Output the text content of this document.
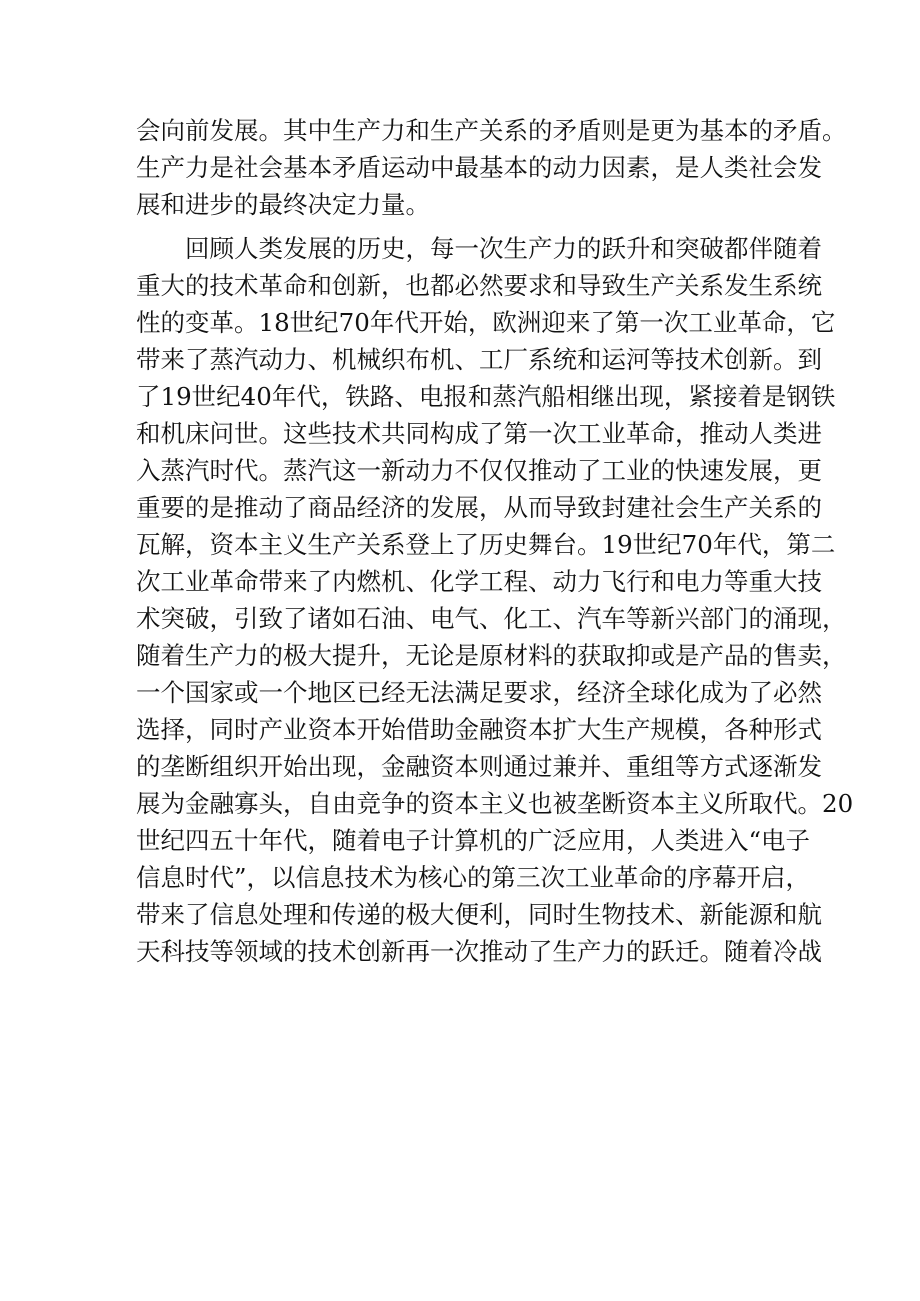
会向前发展。其中生产力和生产关系的矛盾则是更为基本的矛盾。
生产力是社会基本矛盾运动中最基本的动力因素，是人类社会发
展和进步的最终决定力量。
回顾人类发展的历史，每一次生产力的跃升和突破都伴随着
重大的技术革命和创新，也都必然要求和导致生产关系发生系统
性的变革。18世纪70年代开始，欧洲迎来了第一次工业革命，它
带来了蒸汽动力、机械织布机、工厂系统和运河等技术创新。到
了19世纪40年代，铁路、电报和蒸汽船相继出现，紧接着是钢铁
和机床问世。这些技术共同构成了第一次工业革命，推动人类进
入蒸汽时代。蒸汽这一新动力不仅仅推动了工业的快速发展，更
重要的是推动了商品经济的发展，从而导致封建社会生产关系的
瓦解，资本主义生产关系登上了历史舞台。19世纪70年代，第二
次工业革命带来了内燃机、化学工程、动力飞行和电力等重大技
术突破，引致了诸如石油、电气、化工、汽车等新兴部门的涌现，
随着生产力的极大提升，无论是原材料的获取抑或是产品的售卖，
一个国家或一个地区已经无法满足要求，经济全球化成为了必然
选择，同时产业资本开始借助金融资本扩大生产规模，各种形式
的垄断组织开始出现，金融资本则通过兼并、重组等方式逐渐发
展为金融寡头，自由竞争的资本主义也被垄断资本主义所取代。20
世纪四五十年代，随着电子计算机的广泛应用，人类进入“电子
信息时代”，以信息技术为核心的第三次工业革命的序幕开启，
带来了信息处理和传递的极大便利，同时生物技术、新能源和航
天科技等领域的技术创新再一次推动了生产力的跃迁。随着冷战
